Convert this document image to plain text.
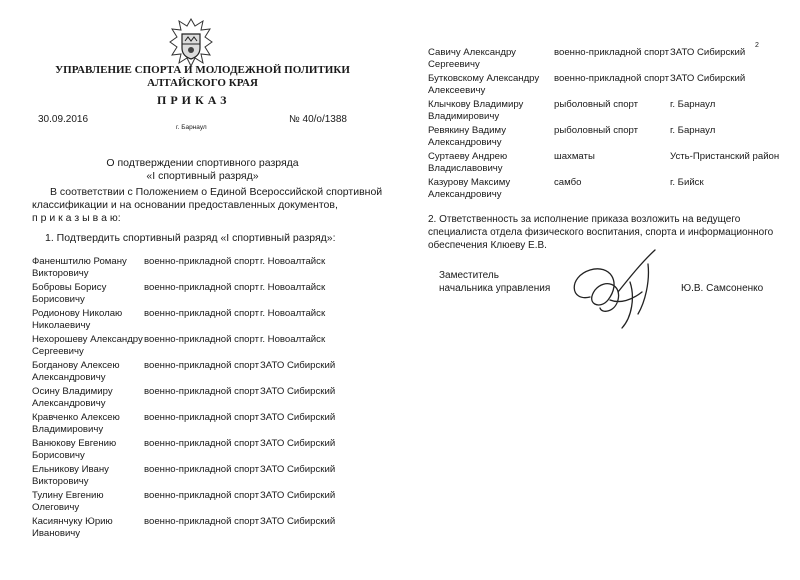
УПРАВЛЕНИЕ СПОРТА И МОЛОДЕЖНОЙ ПОЛИТИКИ
АЛТАЙСКОГО КРАЯ
ПРИКАЗ
30.09.2016
г. Барнаул
№ 40/о/1388
О подтверждении спортивного разряда
«I спортивный разряд»
В соответствии с Положением о Единой Всероссийской спортивной
классификации и на основании предоставленных документов,
п р и к а з ы в а ю:
1. Подтвердить спортивный разряд «I спортивный разряд»:
Фаненштилю Роману Викторовичу
военно-прикладной спорт г. Новоалтайск
Бобровы Борису Борисовичу
военно-прикладной спорт г. Новоалтайск
Родионову Николаю Николаевичу
военно-прикладной спорт г. Новоалтайск
Нехорошеву Александру Сергеевичу
военно-прикладной спорт г. Новоалтайск
Богданову Алексею Александровичу
военно-прикладной спорт ЗАТО Сибирский
Осину Владимиру Александровичу
военно-прикладной спорт ЗАТО Сибирский
Кравченко Алексею Владимировичу
военно-прикладной спорт ЗАТО Сибирский
Ванюкову Евгению Борисовичу
военно-прикладной спорт ЗАТО Сибирский
Ельникову Ивану Викторовичу
военно-прикладной спорт ЗАТО Сибирский
Тулину Евгению Олеговичу
военно-прикладной спорт ЗАТО Сибирский
Касиянчуку Юрию Ивановичу
военно-прикладной спорт ЗАТО Сибирский
2
Савичу Александру Сергеевичу
военно-прикладной спорт ЗАТО Сибирский
Бутковскому Александру Алексеевичу
военно-прикладной спорт ЗАТО Сибирский
Клычкову Владимиру Владимировичу
рыболовный спорт	г. Барнаул
Ревякину Вадиму Александровичу
рыболовный спорт	г. Барнаул
Суртаеву Андрею Владиславовичу
шахматы	Усть-Пристанский район
Казурову Максиму Александровичу
самбо	г. Бийск
2. Ответственность за исполнение приказа возложить на ведущего
специалиста отдела физического воспитания, спорта и информационного
обеспечения Клюеву Е.В.
Заместитель
начальника управления	Ю.В. Самсоненко
